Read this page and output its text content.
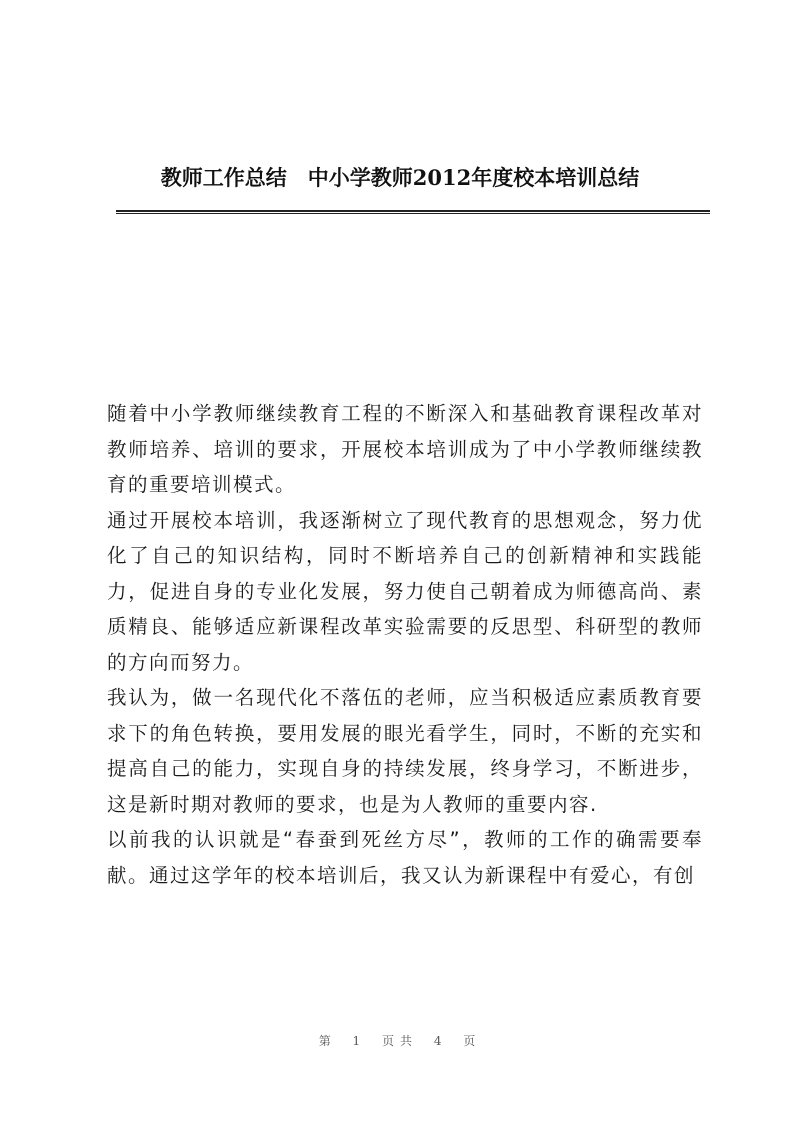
教师工作总结　中小学教师2012年度校本培训总结

随着中小学教师继续教育工程的不断深入和基础教育课程改革对教师培养、培训的要求，开展校本培训成为了中小学教师继续教育的重要培训模式。

通过开展校本培训，我逐渐树立了现代教育的思想观念，努力优化了自己的知识结构，同时不断培养自己的创新精神和实践能力，促进自身的专业化发展，努力使自己朝着成为师德高尚、素质精良、能够适应新课程改革实验需要的反思型、科研型的教师的方向而努力。

我认为，做一名现代化不落伍的老师，应当积极适应素质教育要求下的角色转换，要用发展的眼光看学生，同时，不断的充实和提高自己的能力，实现自身的持续发展，终身学习，不断进步，这是新时期对教师的要求，也是为人教师的重要内容.

以前我的认识就是“春蚕到死丝方尽”，教师的工作的确需要奉献。通过这学年的校本培训后，我又认为新课程中有爱心，有创

第 1 页共 4 页
